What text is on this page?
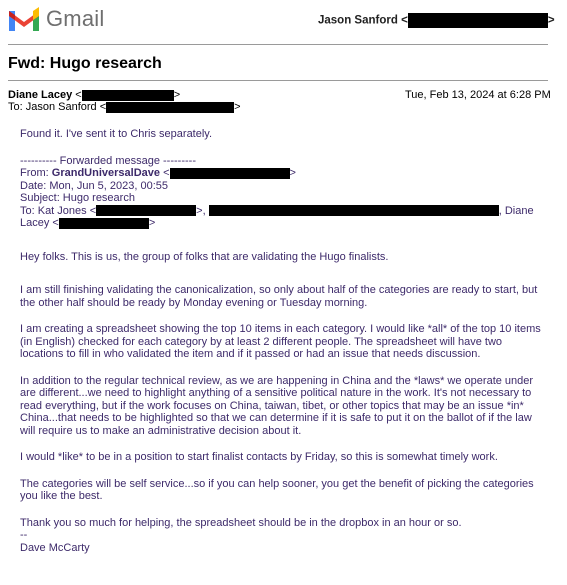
Gmail	Jason Sanford <	>
Fwd: Hugo research
Diane Lacey <	>	Tue, Feb 13, 2024 at 6:28 PM
To: Jason Sanford <	>

Found it. I've sent it to Chris separately.

---------- Forwarded message ---------
From: GrandUniversalDave <	>
Date: Mon, Jun 5, 2023, 00:55
Subject: Hugo research
To: Kat Jones <	>,	, Diane
Lacey <	>

Hey folks. This is us, the group of folks that are validating the Hugo finalists.

I am still finishing validating the canonicalization, so only about half of the categories are ready to start, but the other half should be ready by Monday evening or Tuesday morning.

I am creating a spreadsheet showing the top 10 items in each category. I would like *all* of the top 10 items (in English) checked for each category by at least 2 different people. The spreadsheet will have two locations to fill in who validated the item and if it passed or had an issue that needs discussion.

In addition to the regular technical review, as we are happening in China and the *laws* we operate under are different...we need to highlight anything of a sensitive political nature in the work. It's not necessary to read everything, but if the work focuses on China, taiwan, tibet, or other topics that may be an issue *in* China...that needs to be highlighted so that we can determine if it is safe to put it on the ballot of if the law will require us to make an administrative decision about it.

I would *like* to be in a position to start finalist contacts by Friday, so this is somewhat timely work.

The categories will be self service...so if you can help sooner, you get the benefit of picking the categories you like the best.

Thank you so much for helping, the spreadsheet should be in the dropbox in an hour or so.

--

Dave McCarty
